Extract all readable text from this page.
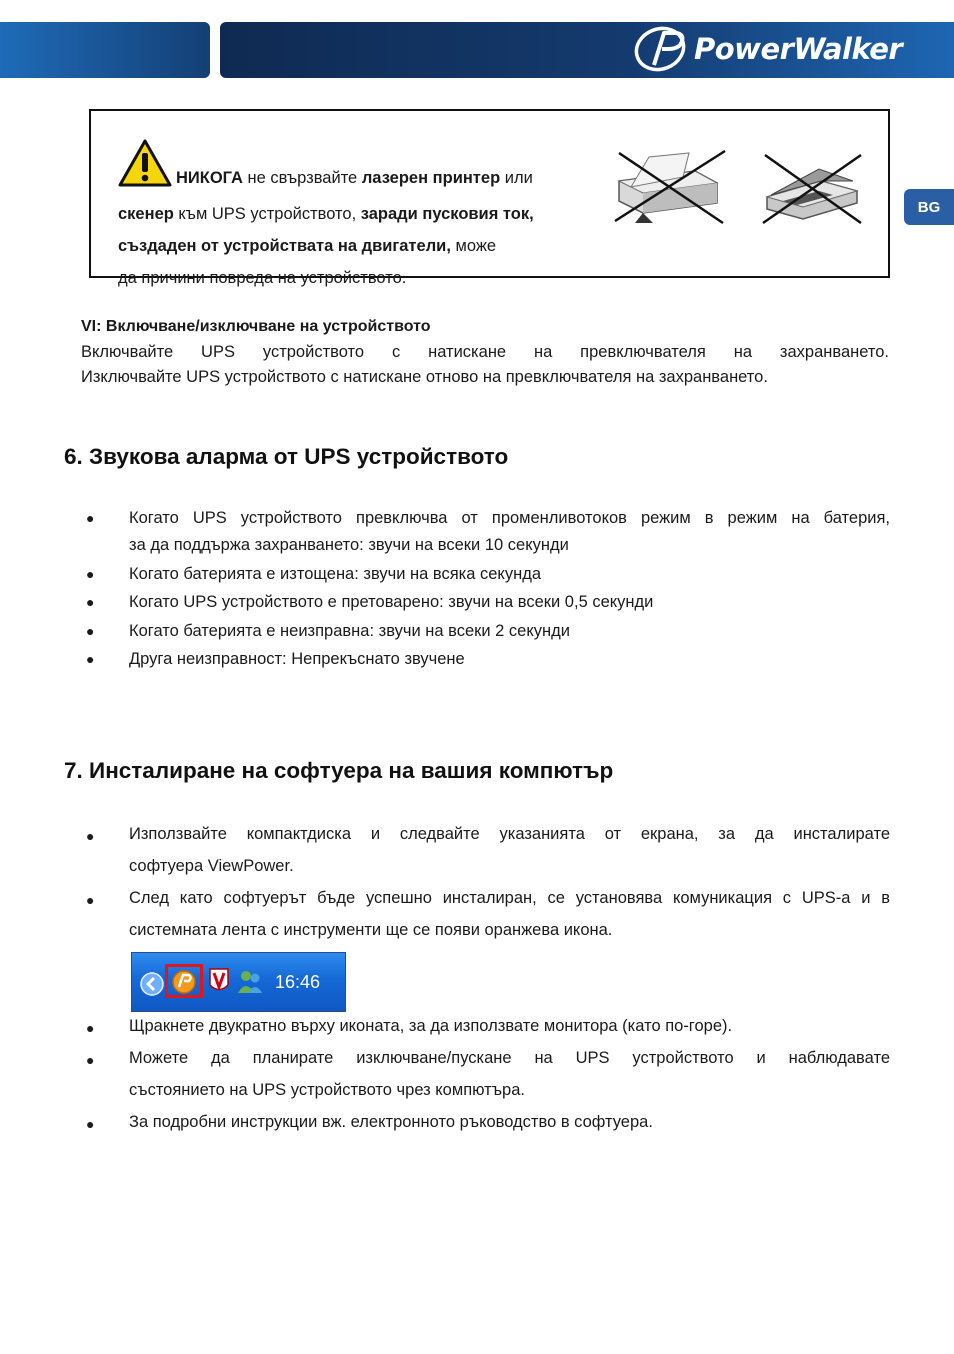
PowerWalker
BG
НИКОГА не свързвайте лазерен принтер или
скенер към UPS устройството, заради пусковия ток,
създаден от устройствата на двигатели, може
да причини повреда на устройството.
VI: Включване/изключване на устройството
Включвайте UPS устройството с натискане на превключвателя на захранването.
Изключвайте UPS устройството с натискане отново на превключвателя на захранването.
6. Звукова аларма от UPS устройството
● Когато UPS устройството превключва от променливотоков режим в режим на батерия,
за да поддържа захранването: звучи на всеки 10 секунди
● Когато батерията е изтощена: звучи на всяка секунда
● Когато UPS устройството е претоварено: звучи на всеки 0,5 секунди
● Когато батерията е неизправна: звучи на всеки 2 секунди
● Друга неизправност: Непрекъснато звучене
7. Инсталиране на софтуера на вашия компютър
● Използвайте компактдиска и следвайте указанията от екрана, за да инсталирате
софтуера ViewPower.
● След като софтуерът бъде успешно инсталиран, се установява комуникация с UPS-а и в
системната лента с инструменти ще се появи оранжева икона.
16:46
● Щракнете двукратно върху иконата, за да използвате монитора (като по-горе).
● Можете да планирате изключване/пускане на UPS устройството и наблюдавате
състоянието на UPS устройството чрез компютъра.
● За подробни инструкции вж. електронното ръководство в софтуера.
